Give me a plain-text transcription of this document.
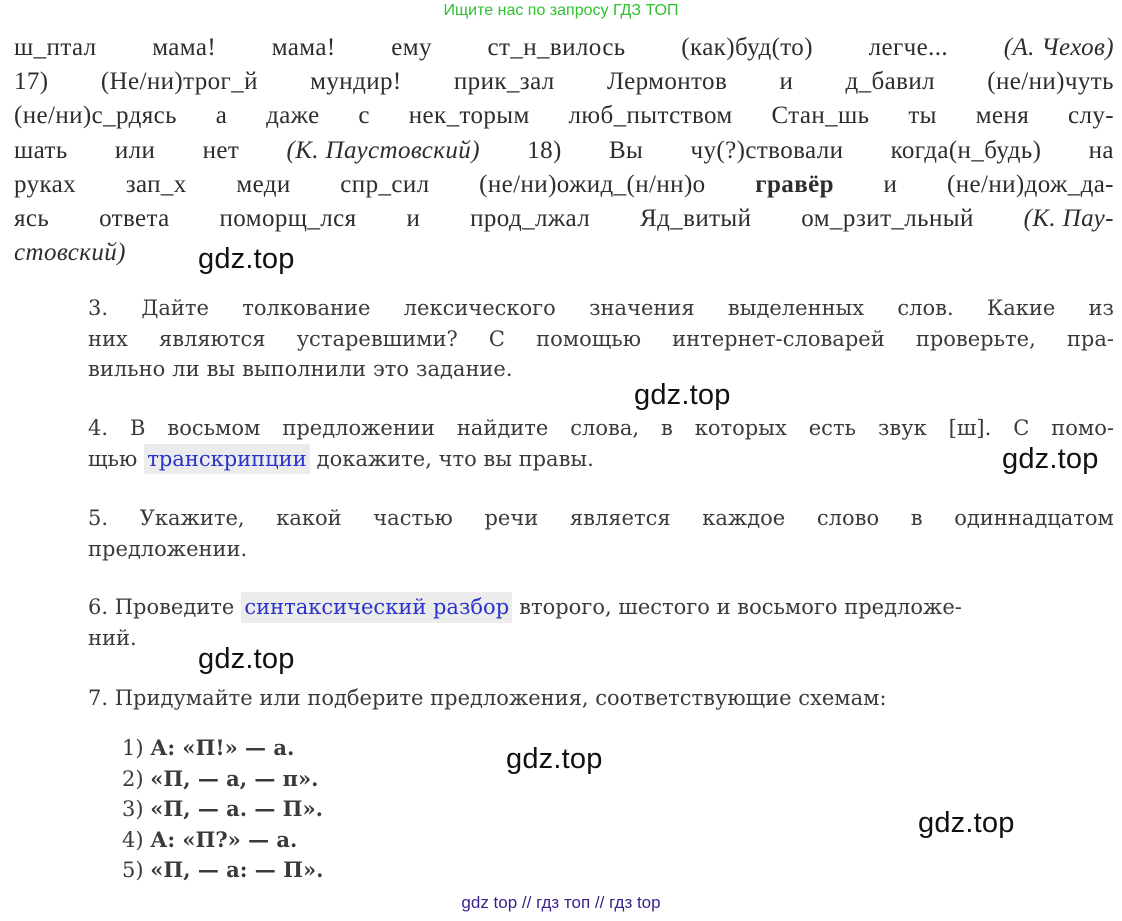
Ищите нас по запросу ГДЗ ТОП
ш_птал мама! мама! ему ст_н_вилось (как)буд(то) легче... (А. Чехов)
17) (Не/ни)трог_й мундир! прик_зал Лермонтов и д_бавил (не/ни)чуть
(не/ни)с_рдясь а даже с нек_торым люб_пытством Стан_шь ты меня слу-
шать или нет (К. Паустовский) 18) Вы чу(?)ствовали когда(н_будь) на
руках зап_х меди спр_сил (не/ни)ожид_(н/нн)о гравёр и (не/ни)дож_да-
ясь ответа поморщ_лся и прод_лжал Яд_витый ом_рзит_льный (К. Пау-
стовский)
3. Дайте толкование лексического значения выделенных слов. Какие из
них являются устаревшими? С помощью интернет-словарей проверьте, пра-
вильно ли вы выполнили это задание.
4. В восьмом предложении найдите слова, в которых есть звук [ш]. С помо-
щью транскрипции докажите, что вы правы.
5. Укажите, какой частью речи является каждое слово в одиннадцатом
предложении.
6. Проведите синтаксический разбор второго, шестого и восьмого предложе-
ний.
7. Придумайте или подберите предложения, соответствующие схемам:
1) А: «П!» — а.
2) «П, — а, — п».
3) «П, — а. — П».
4) А: «П?» — а.
5) «П, — а: — П».
gdz.top
gdz.top
gdz.top
gdz.top
gdz.top
gdz.top
gdz top // гдз топ // гдз top
